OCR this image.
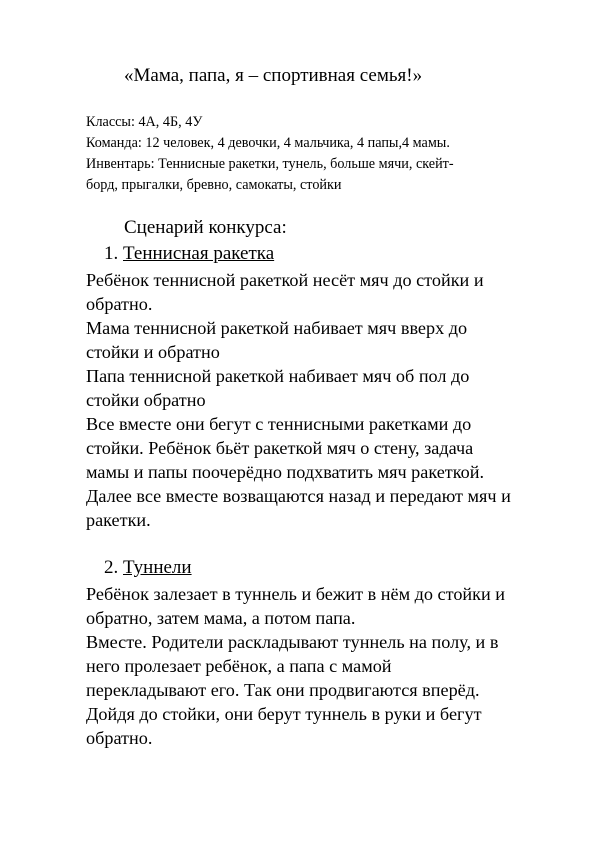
«Мама, папа, я – спортивная семья!»

Классы: 4А, 4Б, 4У

Команда: 12 человек, 4 девочки, 4 мальчика, 4 папы,4 мамы.

Инвентарь: Теннисные ракетки, тунель, больше мячи, скейт-

борд, прыгалки, бревно, самокаты, стойки

Сценарий конкурса:
1. Теннисная ракетка

Ребёнок теннисной ракеткой несёт мяч до стойки и

обратно.

Мама теннисной ракеткой набивает мяч вверх до

стойки и обратно

Папа теннисной ракеткой набивает мяч об пол до

стойки обратно

Все вместе они бегут с теннисными ракетками до

стойки. Ребёнок бьёт ракеткой мяч о стену, задача

мамы и папы поочерёдно подхватить мяч ракеткой.

Далее все вместе возващаются назад и передают мяч и

ракетки.

2. Туннели

Ребёнок залезает в туннель и бежит в нём до стойки и

обратно, затем мама, а потом папа.

Вместе. Родители раскладывают туннель на полу, и в

него пролезает ребёнок, а папа с мамой

перекладывают его. Так они продвигаются вперёд.

Дойдя до стойки, они берут туннель в руки и бегут

обратно.
